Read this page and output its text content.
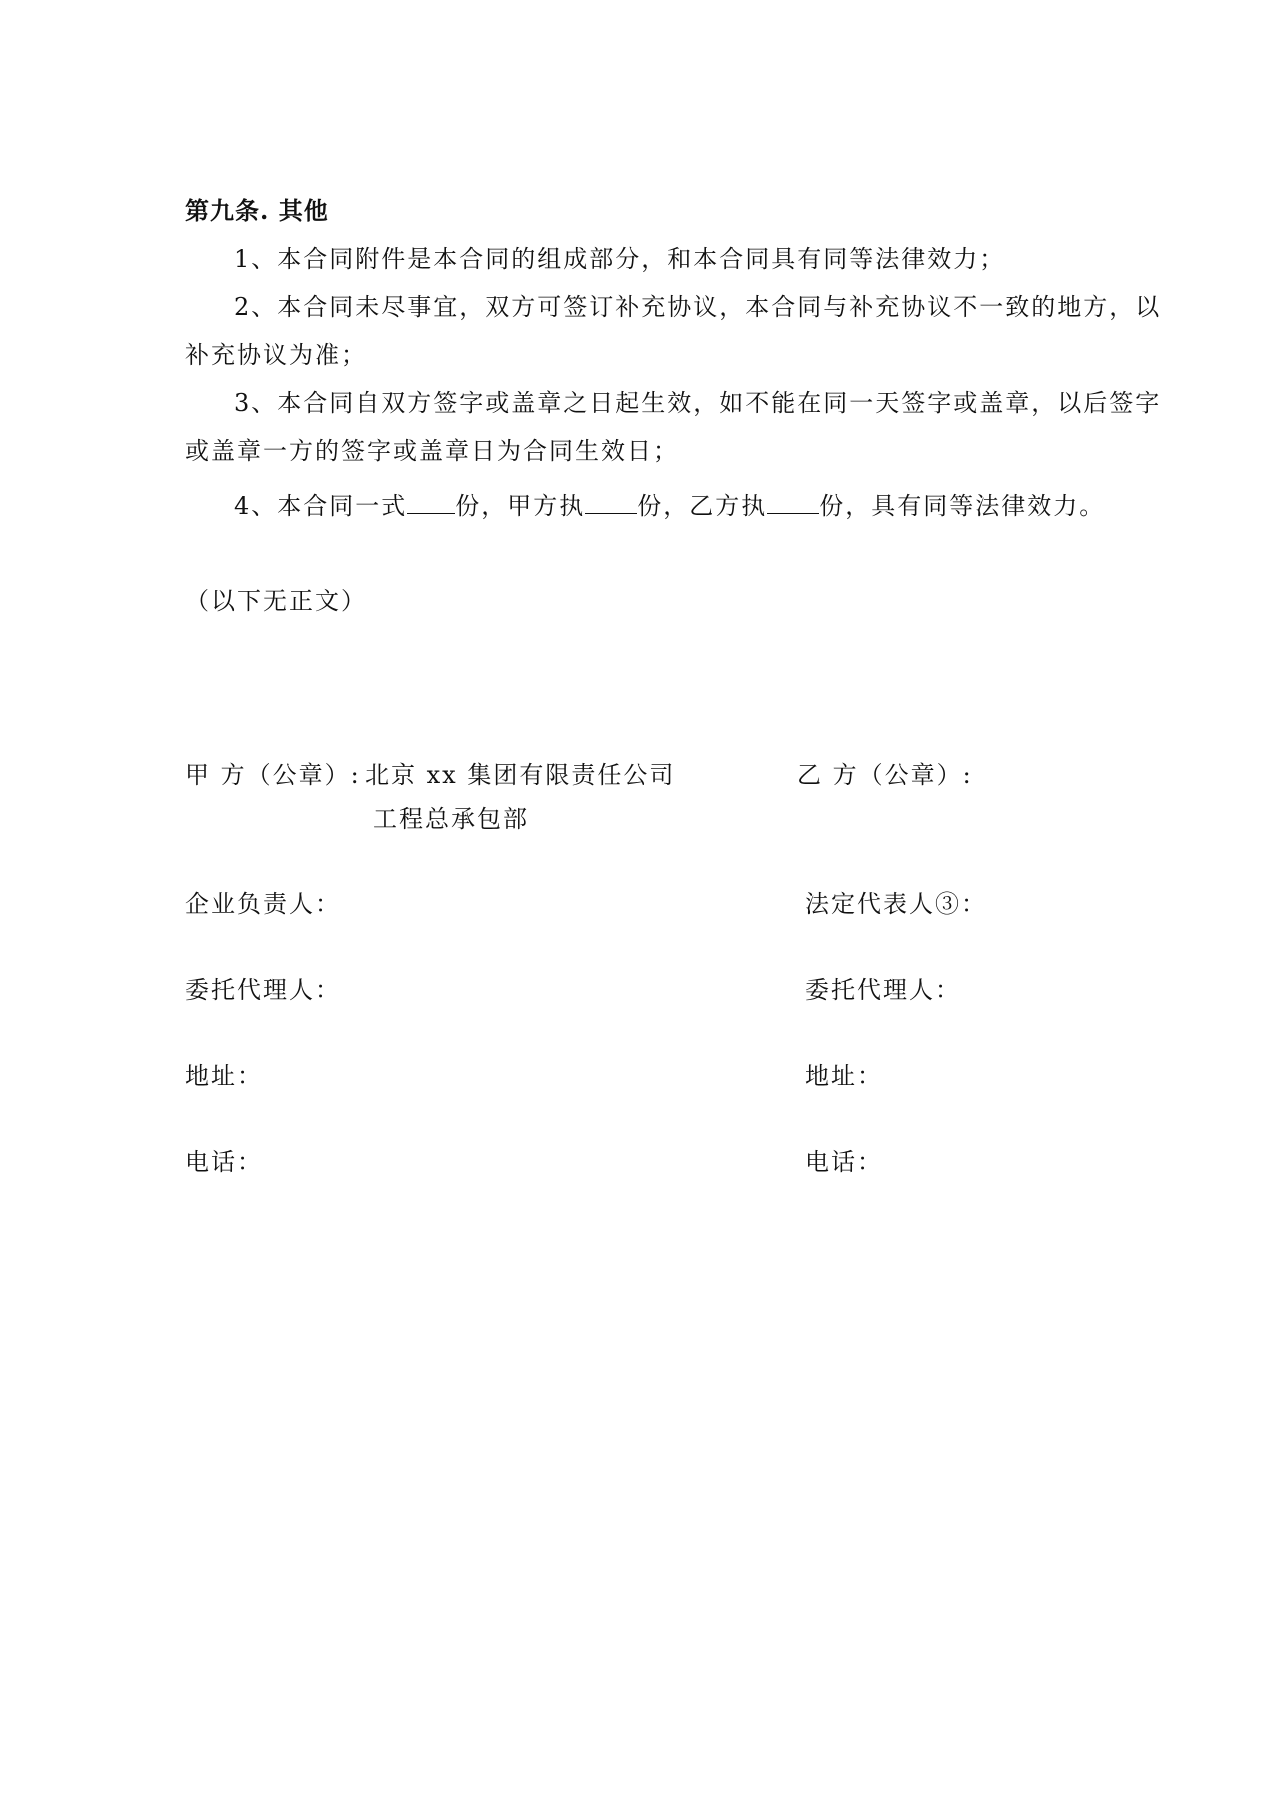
第九条. 其他
1、本合同附件是本合同的组成部分，和本合同具有同等法律效力；
2、本合同未尽事宜，双方可签订补充协议，本合同与补充协议不一致的地方，以
补充协议为准；
3、本合同自双方签字或盖章之日起生效，如不能在同一天签字或盖章，以后签字
或盖章一方的签字或盖章日为合同生效日；
4、本合同一式 份，甲方执 份，乙方执 份，具有同等法律效力。
（以下无正文）
甲 方（公章）: 北京 xx 集团有限责任公司
工程总承包部
企业负责人：
委托代理人：
地址：
电话：
乙 方（公章）:
法定代表人③：
委托代理人：
地址：
电话：
